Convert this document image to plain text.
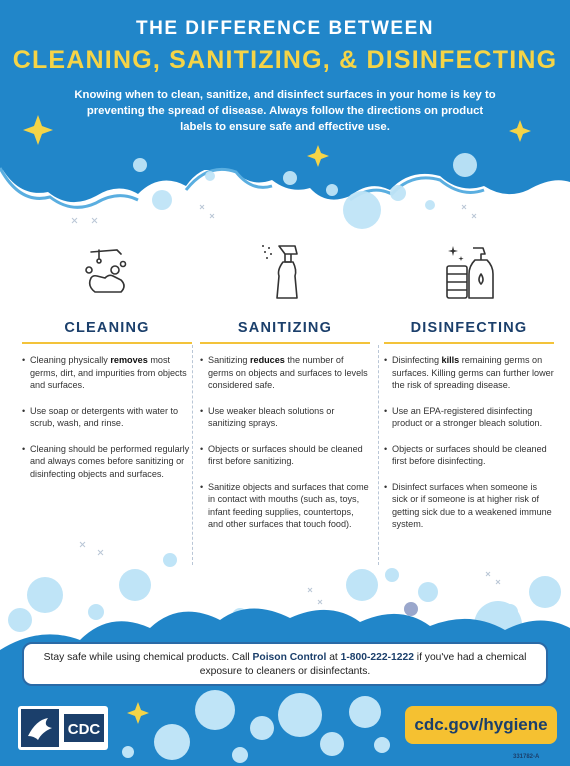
THE DIFFERENCE BETWEEN
CLEANING, SANITIZING, & DISINFECTING
Knowing when to clean, sanitize, and disinfect surfaces in your home is key to preventing the spread of disease. Always follow the directions on product labels to ensure safe and effective use.
CLEANING
• Cleaning physically removes most germs, dirt, and impurities from objects and surfaces.
• Use soap or detergents with water to scrub, wash, and rinse.
• Cleaning should be performed regularly and always comes before sanitizing or disinfecting objects and surfaces.
SANITIZING
• Sanitizing reduces the number of germs on objects and surfaces to levels considered safe.
• Use weaker bleach solutions or sanitizing sprays.
• Objects or surfaces should be cleaned first before sanitizing.
• Sanitize objects and surfaces that come in contact with mouths (such as, toys, infant feeding supplies, countertops, and other surfaces that touch food).
DISINFECTING
• Disinfecting kills remaining germs on surfaces. Killing germs can further lower the risk of spreading disease.
• Use an EPA-registered disinfecting product or a stronger bleach solution.
• Objects or surfaces should be cleaned first before disinfecting.
• Disinfect surfaces when someone is sick or if someone is at higher risk of getting sick due to a weakened immune system.
Stay safe while using chemical products. Call Poison Control at 1-800-222-1222 if you've had a chemical exposure to cleaners or disinfectants.
CDC	cdc.gov/hygiene
331782-A
